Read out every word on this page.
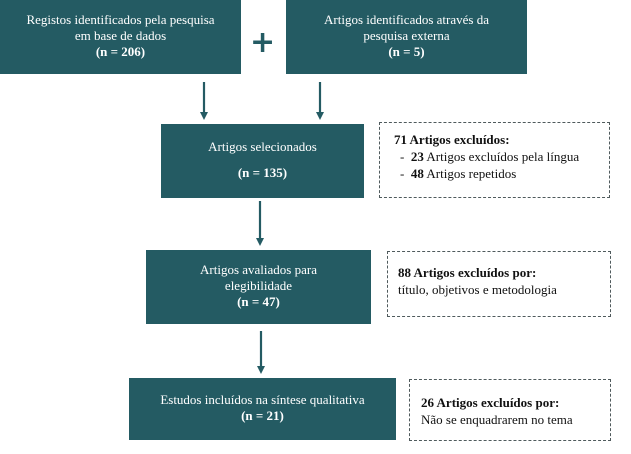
Registos identificados pela pesquisa
em base de dados
(n = 206)	+
Artigos identificados através da
pesquisa externa
(n = 5)
Artigos selecionados
(n = 135)
71 Artigos excluídos:
- 23 Artigos excluídos pela língua
- 48 Artigos repetidos
Artigos avaliados para
elegibilidade
(n = 47)
88 Artigos excluídos por:
título, objetivos e metodologia
Estudos incluídos na síntese qualitativa
(n = 21)
26 Artigos excluídos por:
Não se enquadrarem no tema
